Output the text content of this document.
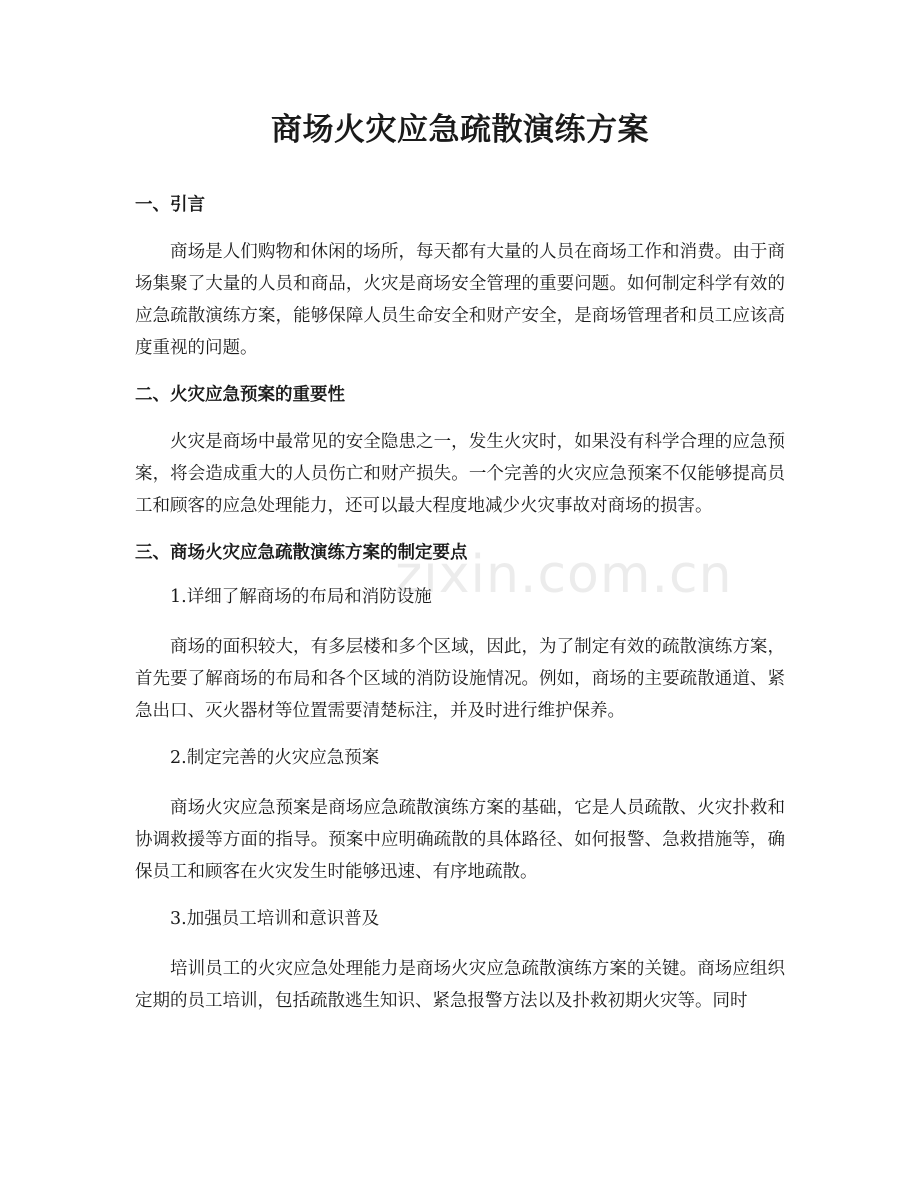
商场火灾应急疏散演练方案
一、引言

商场是人们购物和休闲的场所，每天都有大量的人员在商场工作和消费。由于商场集聚了大量的人员和商品，火灾是商场安全管理的重要问题。如何制定科学有效的应急疏散演练方案，能够保障人员生命安全和财产安全，是商场管理者和员工应该高度重视的问题。

二、火灾应急预案的重要性

火灾是商场中最常见的安全隐患之一，发生火灾时，如果没有科学合理的应急预案，将会造成重大的人员伤亡和财产损失。一个完善的火灾应急预案不仅能够提高员工和顾客的应急处理能力，还可以最大程度地减少火灾事故对商场的损害。

三、商场火灾应急疏散演练方案的制定要点
1.详细了解商场的布局和消防设施

商场的面积较大，有多层楼和多个区域，因此，为了制定有效的疏散演练方案，首先要了解商场的布局和各个区域的消防设施情况。例如，商场的主要疏散通道、紧急出口、灭火器材等位置需要清楚标注，并及时进行维护保养。

2.制定完善的火灾应急预案

商场火灾应急预案是商场应急疏散演练方案的基础，它是人员疏散、火灾扑救和协调救援等方面的指导。预案中应明确疏散的具体路径、如何报警、急救措施等，确保员工和顾客在火灾发生时能够迅速、有序地疏散。

3.加强员工培训和意识普及

培训员工的火灾应急处理能力是商场火灾应急疏散演练方案的关键。商场应组织定期的员工培训，包括疏散逃生知识、紧急报警方法以及扑救初期火灾等。同时

zixin.com.cn
